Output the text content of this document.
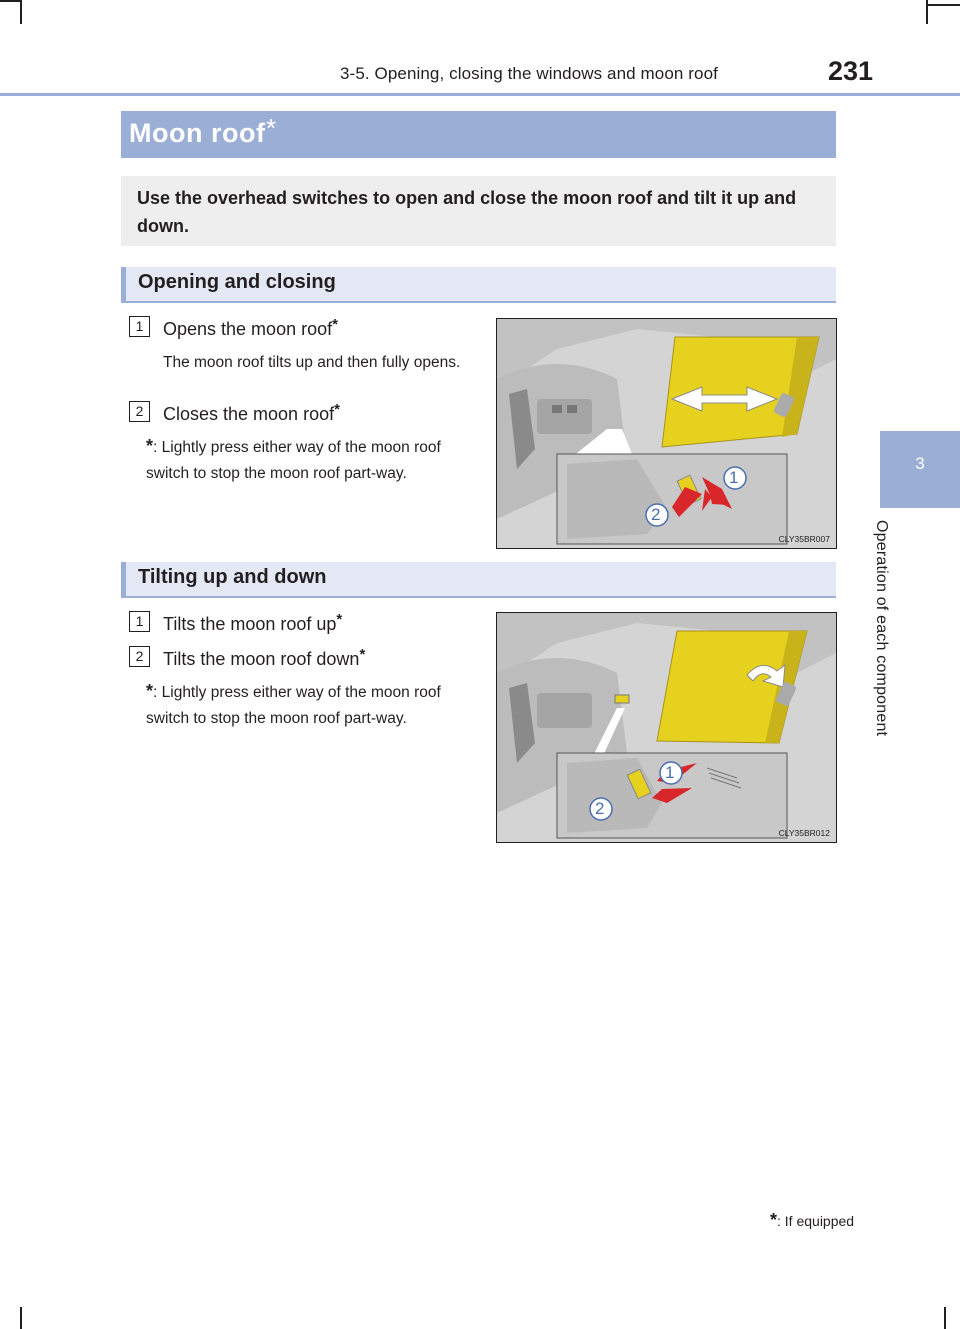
3-5. Opening, closing the windows and moon roof	231
3
Operation of each component
Moon roof *

Use the overhead switches to open and close the moon roof and tilt it up and down.

Opening and closing
1	Opens the moon roof*
The moon roof tilts up and then fully opens.
2	Closes the moon roof*
*: Lightly press either way of the moon roof switch to stop the moon roof part-way.	1
2
CLY35BR007
Tilting up and down
1	Tilts the moon roof up*
2	Tilts the moon roof down*
*: Lightly press either way of the moon roof switch to stop the moon roof part-way.
1
2
CLY35BR012
*: If equipped
